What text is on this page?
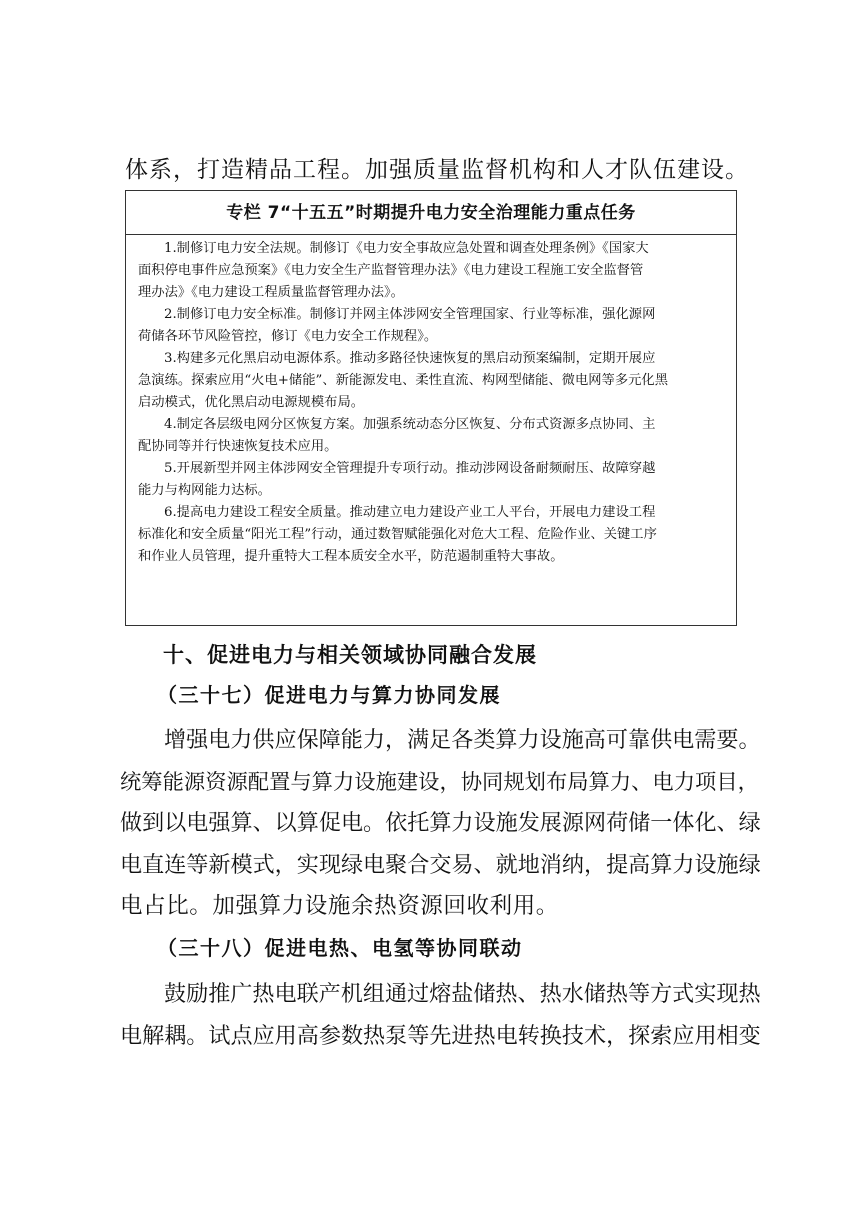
体系，打造精品工程。加强质量监督机构和人才队伍建设。

专栏 7“十五五”时期提升电力安全治理能力重点任务
1.制修订电力安全法规。制修订《电力安全事故应急处置和调查处理条例》《国家大
面积停电事件应急预案》《电力安全生产监督管理办法》《电力建设工程施工安全监督管
理办法》《电力建设工程质量监督管理办法》。
2.制修订电力安全标准。制修订并网主体涉网安全管理国家、行业等标准，强化源网
荷储各环节风险管控，修订《电力安全工作规程》。
3.构建多元化黑启动电源体系。推动多路径快速恢复的黑启动预案编制，定期开展应
急演练。探索应用“火电+储能”、新能源发电、柔性直流、构网型储能、微电网等多元化黑
启动模式，优化黑启动电源规模布局。
4.制定各层级电网分区恢复方案。加强系统动态分区恢复、分布式资源多点协同、主
配协同等并行快速恢复技术应用。
5.开展新型并网主体涉网安全管理提升专项行动。推动涉网设备耐频耐压、故障穿越
能力与构网能力达标。
6.提高电力建设工程安全质量。推动建立电力建设产业工人平台，开展电力建设工程
标准化和安全质量“阳光工程”行动，通过数智赋能强化对危大工程、危险作业、关键工序
和作业人员管理，提升重特大工程本质安全水平，防范遏制重特大事故。
十、促进电力与相关领域协同融合发展
（三十七）促进电力与算力协同发展
增强电力供应保障能力，满足各类算力设施高可靠供电需要。
统筹能源资源配置与算力设施建设，协同规划布局算力、电力项目，
做到以电强算、以算促电。依托算力设施发展源网荷储一体化、绿
电直连等新模式，实现绿电聚合交易、就地消纳，提高算力设施绿
电占比。加强算力设施余热资源回收利用。
（三十八）促进电热、电氢等协同联动
鼓励推广热电联产机组通过熔盐储热、热水储热等方式实现热
电解耦。试点应用高参数热泵等先进热电转换技术，探索应用相变
